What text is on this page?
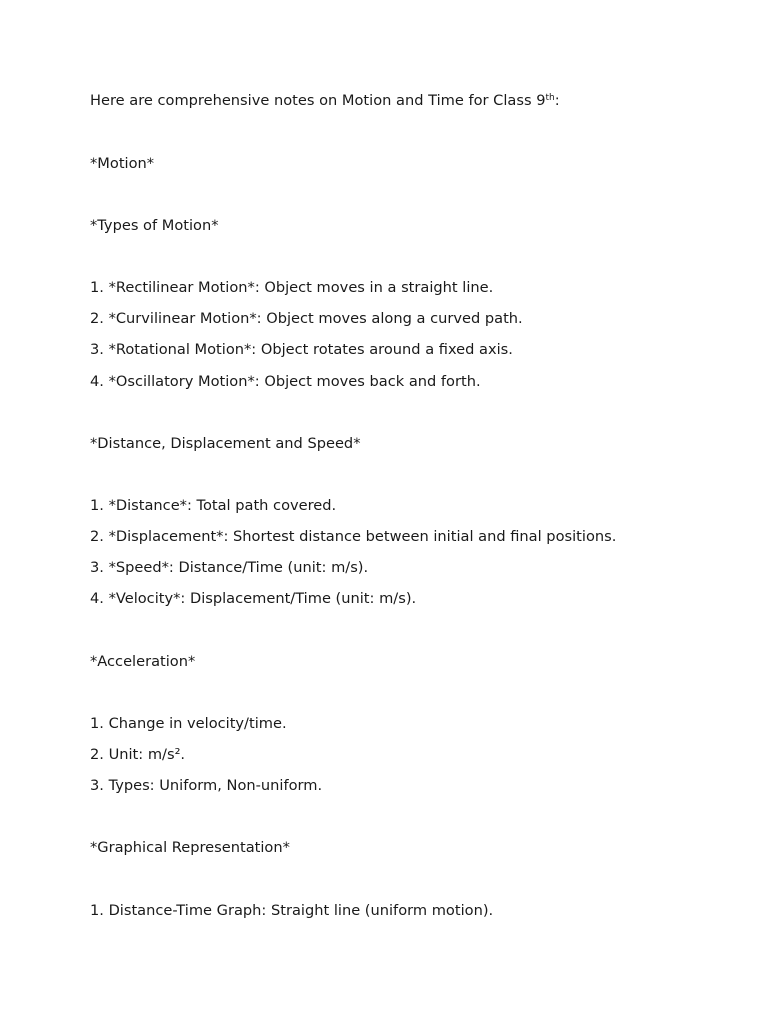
Here are comprehensive notes on Motion and Time for Class 9th:
*Motion*
*Types of Motion*
1. *Rectilinear Motion*: Object moves in a straight line.
2. *Curvilinear Motion*: Object moves along a curved path.
3. *Rotational Motion*: Object rotates around a fixed axis.
4. *Oscillatory Motion*: Object moves back and forth.
*Distance, Displacement and Speed*
1. *Distance*: Total path covered.
2. *Displacement*: Shortest distance between initial and final positions.
3. *Speed*: Distance/Time (unit: m/s).
4. *Velocity*: Displacement/Time (unit: m/s).
*Acceleration*
1. Change in velocity/time.
2. Unit: m/s².
3. Types: Uniform, Non-uniform.
*Graphical Representation*
1. Distance-Time Graph: Straight line (uniform motion).
